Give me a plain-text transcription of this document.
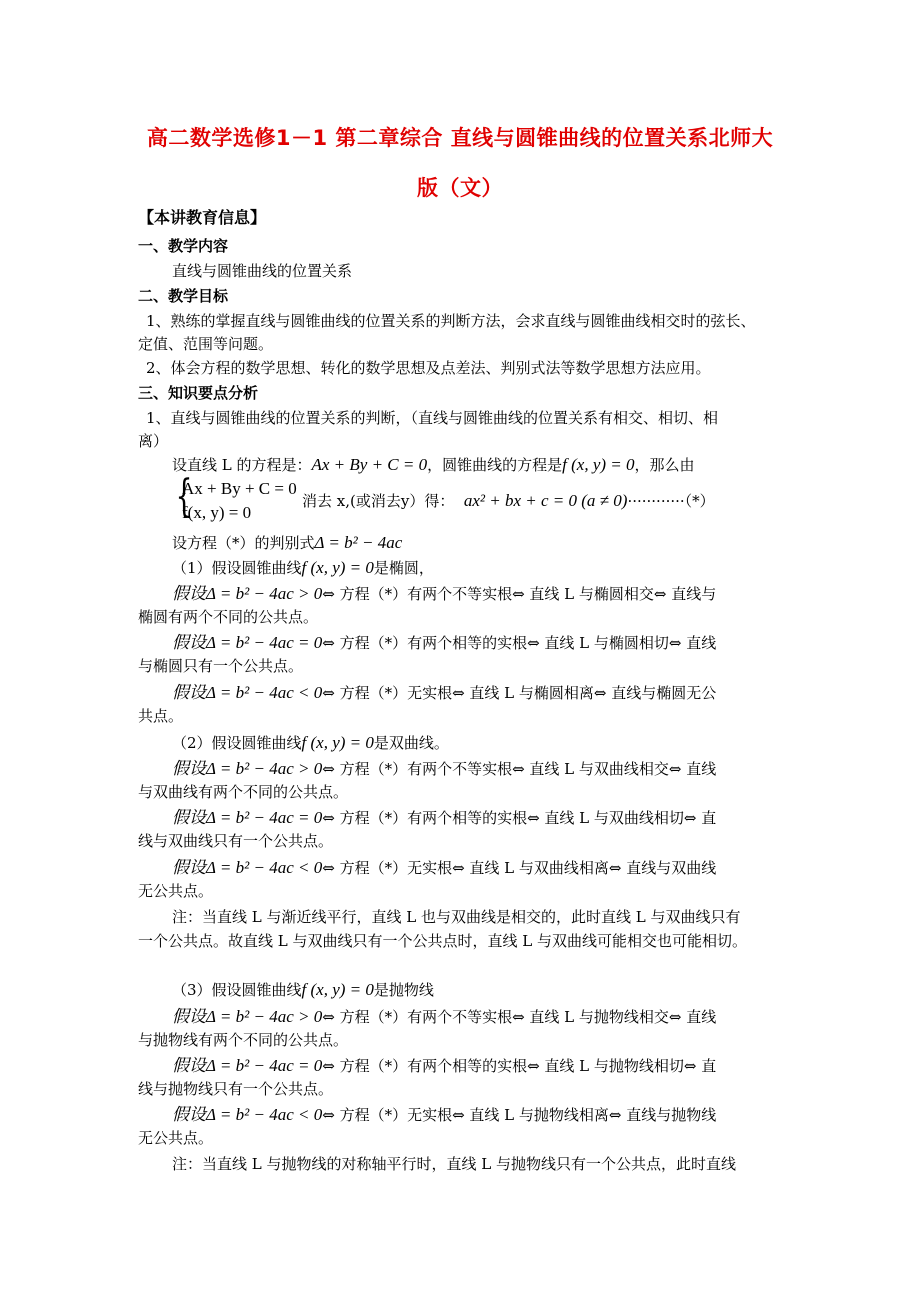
高二数学选修1－1 第二章综合 直线与圆锥曲线的位置关系北师大
版（文）
【本讲教育信息】
一、教学内容
直线与圆锥曲线的位置关系
二、教学目标
1、熟练的掌握直线与圆锥曲线的位置关系的判断方法，会求直线与圆锥曲线相交时的弦长、
定值、范围等问题。
2、体会方程的数学思想、转化的数学思想及点差法、判别式法等数学思想方法应用。
三、知识要点分析
1、直线与圆锥曲线的位置关系的判断，（直线与圆锥曲线的位置关系有相交、相切、相
离）
设直线 L 的方程是：Ax + By + C = 0，圆锥曲线的方程是f (x, y) = 0，那么由
{
Ax + By + C = 0
f(x, y) = 0
消去 x,(或消去y）得： ax² + bx + c = 0 (a ≠ 0)············（*）
设方程（*）的判别式Δ = b² − 4ac
（1）假设圆锥曲线f (x, y) = 0是椭圆，
假设Δ = b² − 4ac > 0⇔ 方程（*）有两个不等实根⇔ 直线 L 与椭圆相交⇔ 直线与
椭圆有两个不同的公共点。
假设Δ = b² − 4ac = 0⇔ 方程（*）有两个相等的实根⇔ 直线 L 与椭圆相切⇔ 直线
与椭圆只有一个公共点。
假设Δ = b² − 4ac < 0⇔ 方程（*）无实根⇔ 直线 L 与椭圆相离⇔ 直线与椭圆无公
共点。
（2）假设圆锥曲线f (x, y) = 0是双曲线。
假设Δ = b² − 4ac > 0⇔ 方程（*）有两个不等实根⇔ 直线 L 与双曲线相交⇔ 直线
与双曲线有两个不同的公共点。
假设Δ = b² − 4ac = 0⇔ 方程（*）有两个相等的实根⇔ 直线 L 与双曲线相切⇔ 直
线与双曲线只有一个公共点。
假设Δ = b² − 4ac < 0⇔ 方程（*）无实根⇔ 直线 L 与双曲线相离⇔ 直线与双曲线
无公共点。
注：当直线 L 与渐近线平行，直线 L 也与双曲线是相交的，此时直线 L 与双曲线只有
一个公共点。故直线 L 与双曲线只有一个公共点时，直线 L 与双曲线可能相交也可能相切。
（3）假设圆锥曲线f (x, y) = 0是抛物线
假设Δ = b² − 4ac > 0⇔ 方程（*）有两个不等实根⇔ 直线 L 与抛物线相交⇔ 直线
与抛物线有两个不同的公共点。
假设Δ = b² − 4ac = 0⇔ 方程（*）有两个相等的实根⇔ 直线 L 与抛物线相切⇔ 直
线与抛物线只有一个公共点。
假设Δ = b² − 4ac < 0⇔ 方程（*）无实根⇔ 直线 L 与抛物线相离⇔ 直线与抛物线
无公共点。
注：当直线 L 与抛物线的对称轴平行时，直线 L 与抛物线只有一个公共点，此时直线
